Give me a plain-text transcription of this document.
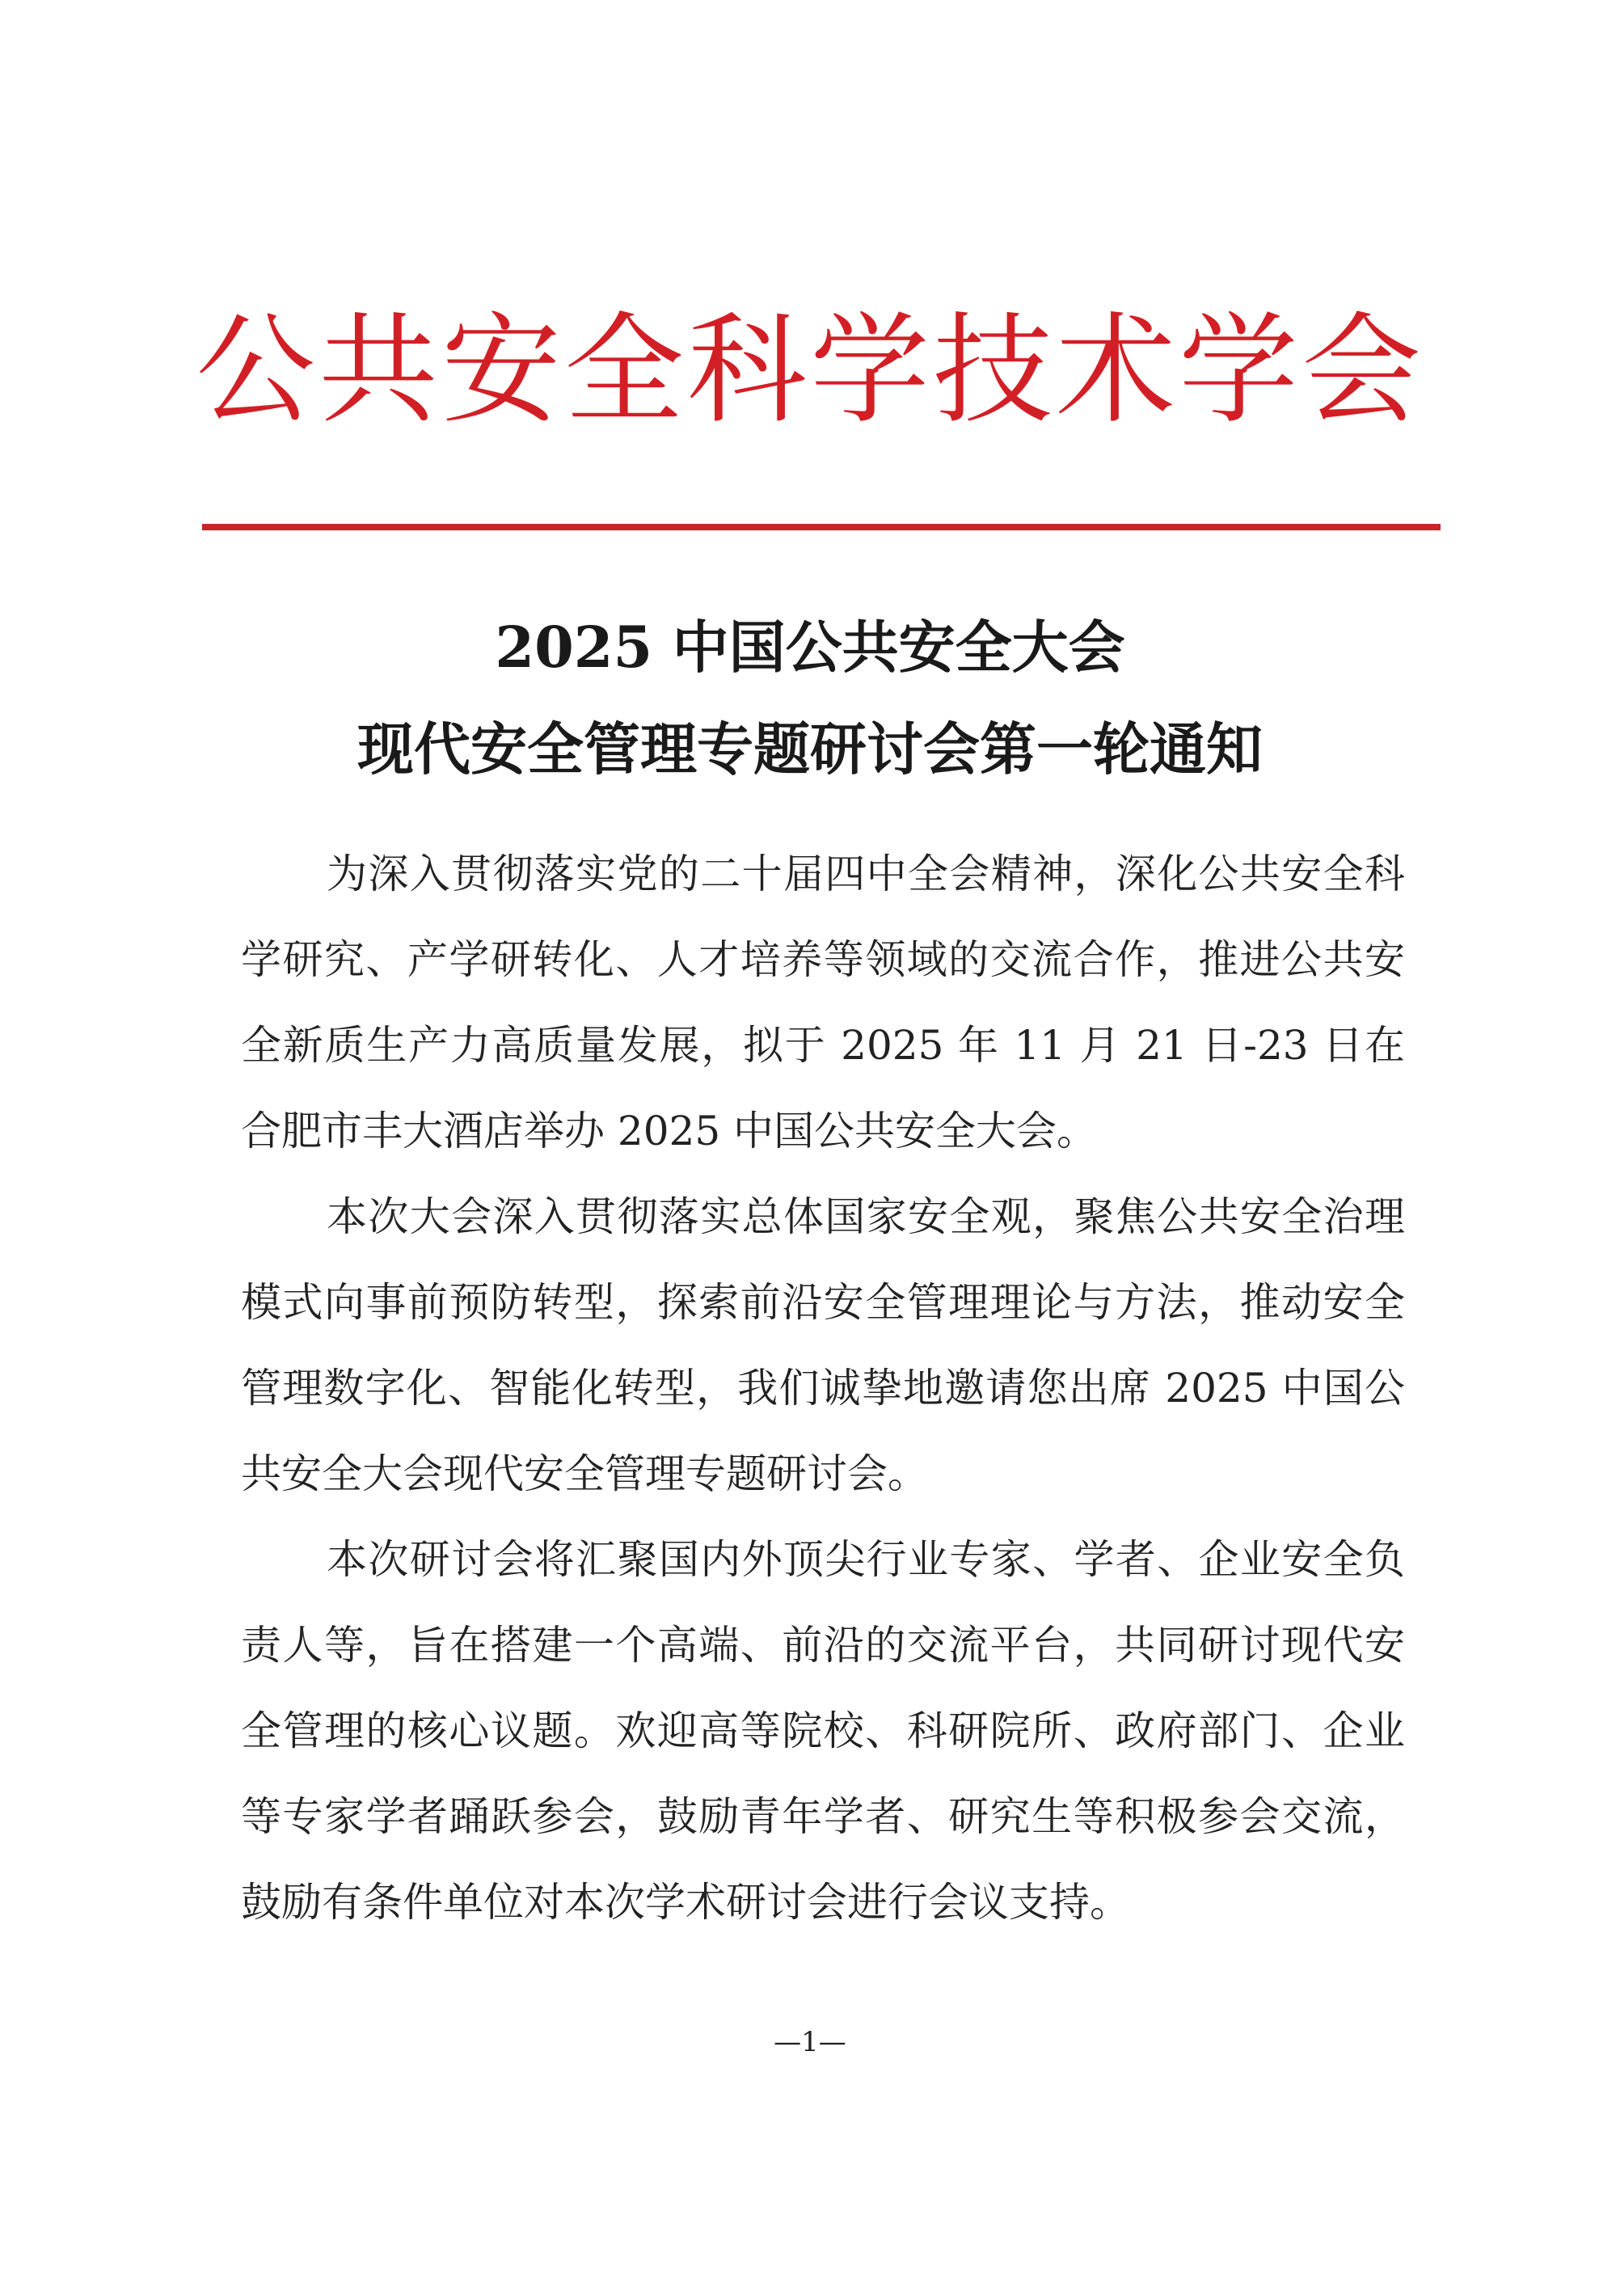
公共安全科学技术学会
2025 中国公共安全大会
现代安全管理专题研讨会第一轮通知

为深入贯彻落实党的二十届四中全会精神，深化公共安全科学研究、产学研转化、人才培养等领域的交流合作，推进公共安全新质生产力高质量发展，拟于 2025 年 11 月 21 日-23 日在合肥市丰大酒店举办 2025 中国公共安全大会。

本次大会深入贯彻落实总体国家安全观，聚焦公共安全治理模式向事前预防转型，探索前沿安全管理理论与方法，推动安全管理数字化、智能化转型，我们诚挚地邀请您出席 2025 中国公共安全大会现代安全管理专题研讨会。

本次研讨会将汇聚国内外顶尖行业专家、学者、企业安全负责人等，旨在搭建一个高端、前沿的交流平台，共同研讨现代安全管理的核心议题。欢迎高等院校、科研院所、政府部门、企业等专家学者踊跃参会，鼓励青年学者、研究生等积极参会交流，鼓励有条件单位对本次学术研讨会进行会议支持。

—1—
